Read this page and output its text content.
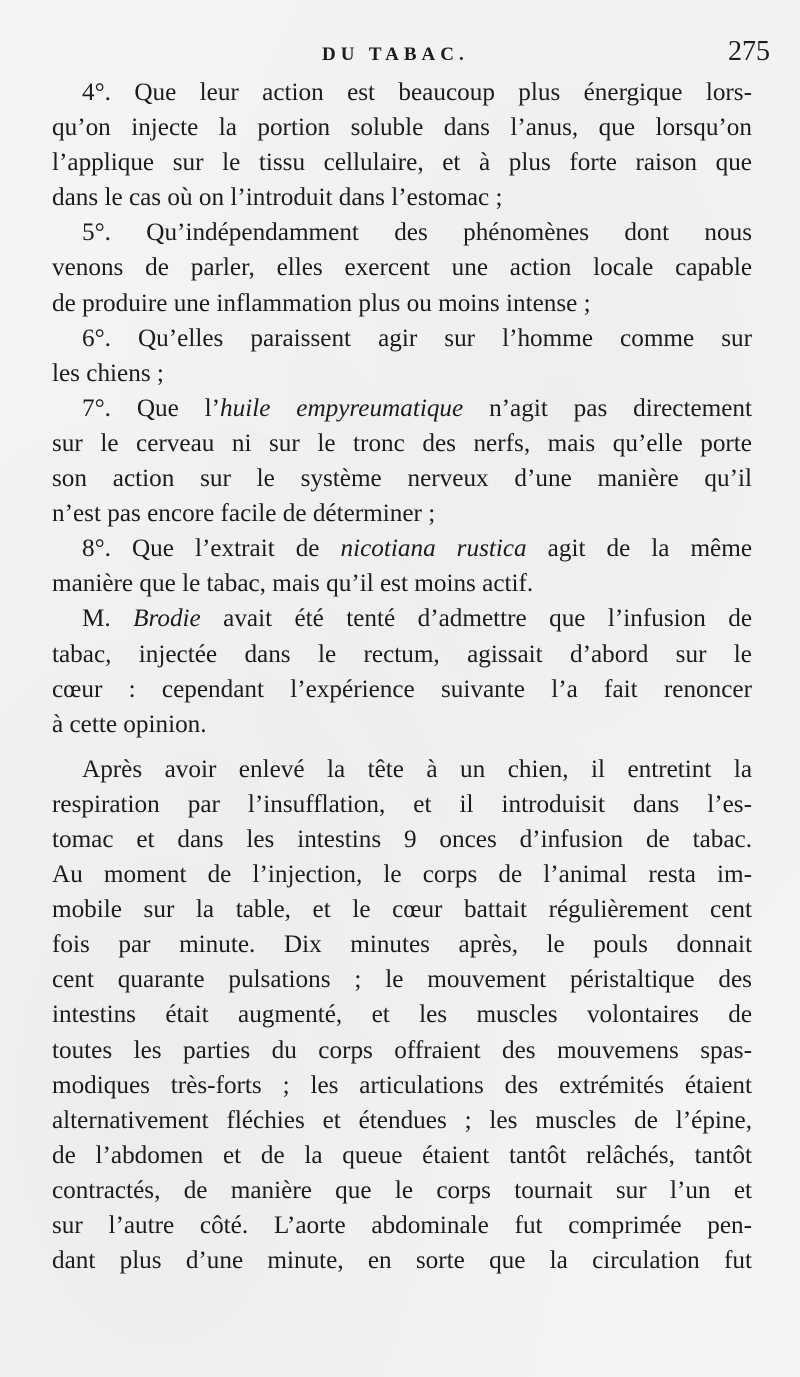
DU TABAC.	275
4°. Que leur action est beaucoup plus énergique lors-
qu’on injecte la portion soluble dans l’anus, que lorsqu’on
l’applique sur le tissu cellulaire, et à plus forte raison que
dans le cas où on l’introduit dans l’estomac ;
5°. Qu’indépendamment des phénomènes dont nous
venons de parler, elles exercent une action locale capable
de produire une inflammation plus ou moins intense ;
6°. Qu’elles paraissent agir sur l’homme comme sur
les chiens ;
7°. Que l’huile empyreumatique n’agit pas directement
sur le cerveau ni sur le tronc des nerfs, mais qu’elle porte
son action sur le système nerveux d’une manière qu’il
n’est pas encore facile de déterminer ;
8°. Que l’extrait de nicotiana rustica agit de la même
manière que le tabac, mais qu’il est moins actif.
M. Brodie avait été tenté d’admettre que l’infusion de
tabac, injectée dans le rectum, agissait d’abord sur le
cœur : cependant l’expérience suivante l’a fait renoncer
à cette opinion.
Après avoir enlevé la tête à un chien, il entretint la
respiration par l’insufflation, et il introduisit dans l’es-
tomac et dans les intestins 9 onces d’infusion de tabac.
Au moment de l’injection, le corps de l’animal resta im-
mobile sur la table, et le cœur battait régulièrement cent
fois par minute. Dix minutes après, le pouls donnait
cent quarante pulsations ; le mouvement péristaltique des
intestins était augmenté, et les muscles volontaires de
toutes les parties du corps offraient des mouvemens spas-
modiques très-forts ; les articulations des extrémités étaient
alternativement fléchies et étendues ; les muscles de l’épine,
de l’abdomen et de la queue étaient tantôt relâchés, tantôt
contractés, de manière que le corps tournait sur l’un et
sur l’autre côté. L’aorte abdominale fut comprimée pen-
dant plus d’une minute, en sorte que la circulation fut
